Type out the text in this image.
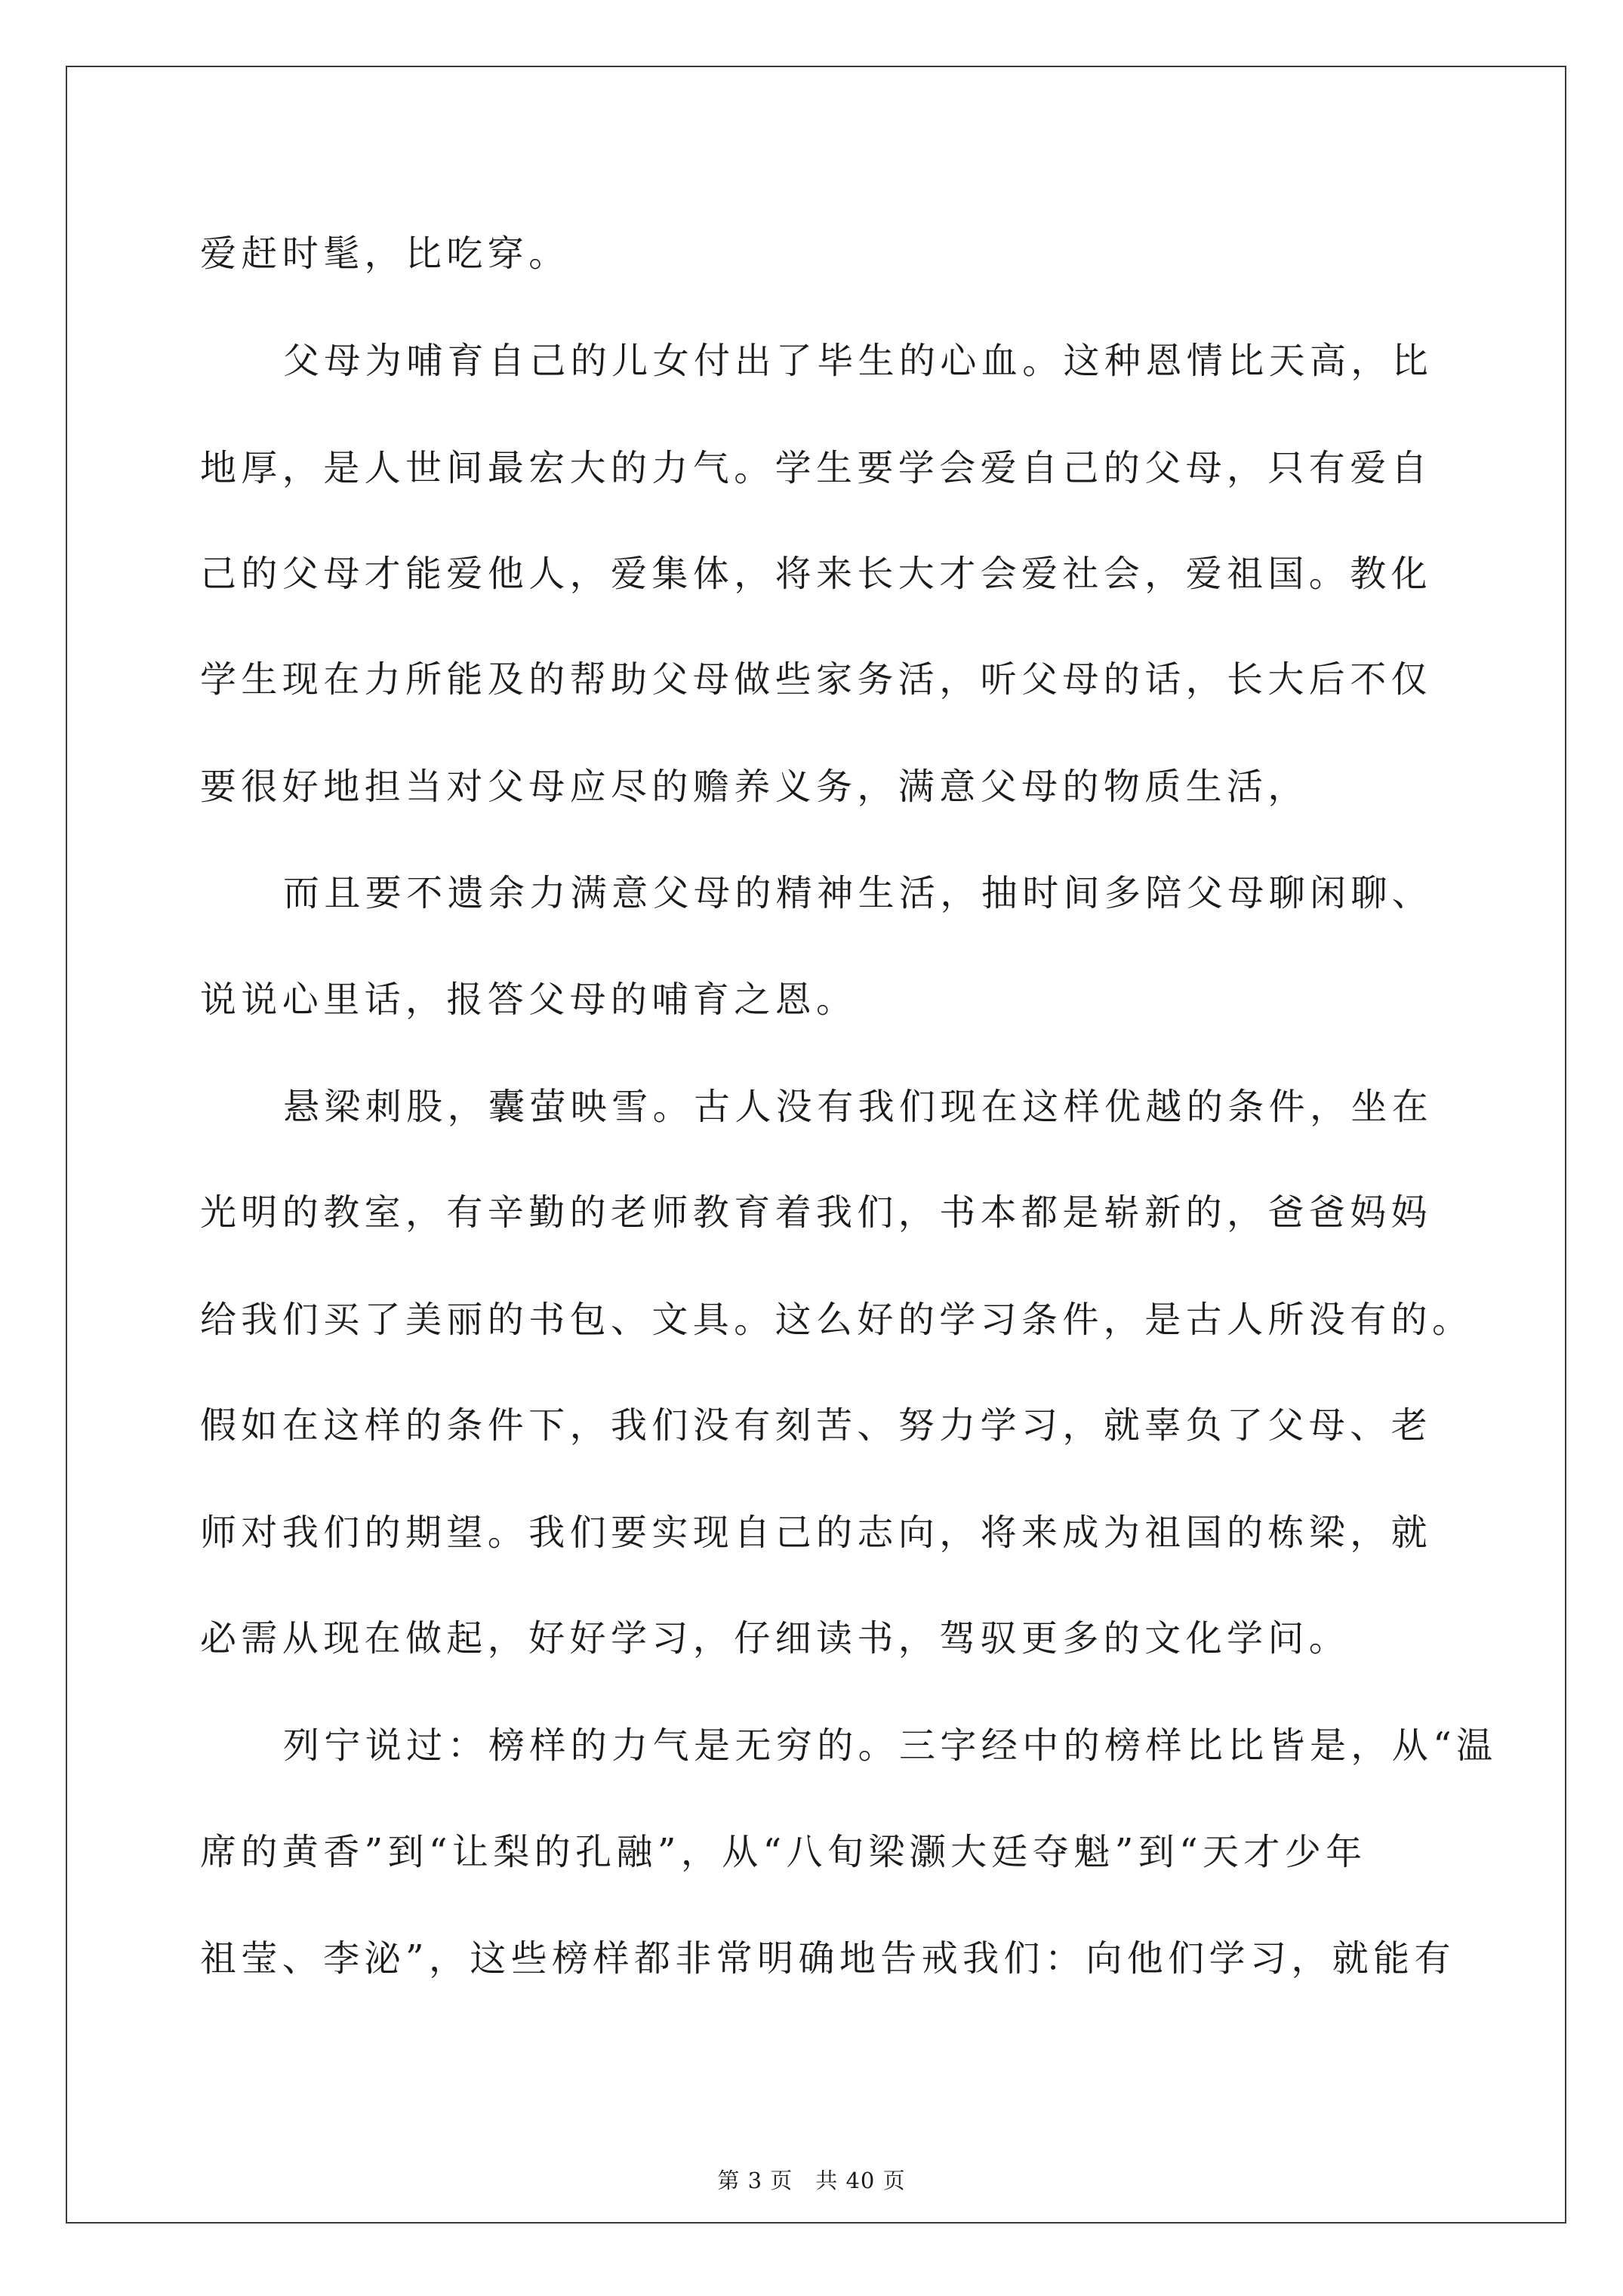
爱赶时髦，比吃穿。

父母为哺育自己的儿女付出了毕生的心血。这种恩情比天高，比

地厚，是人世间最宏大的力气。学生要学会爱自己的父母，只有爱自

己的父母才能爱他人，爱集体，将来长大才会爱社会，爱祖国。教化

学生现在力所能及的帮助父母做些家务活，听父母的话，长大后不仅

要很好地担当对父母应尽的赡养义务，满意父母的物质生活，

而且要不遗余力满意父母的精神生活，抽时间多陪父母聊闲聊、

说说心里话，报答父母的哺育之恩。

悬梁刺股，囊萤映雪。古人没有我们现在这样优越的条件，坐在

光明的教室，有辛勤的老师教育着我们，书本都是崭新的，爸爸妈妈

给我们买了美丽的书包、文具。这么好的学习条件，是古人所没有的。

假如在这样的条件下，我们没有刻苦、努力学习，就辜负了父母、老

师对我们的期望。我们要实现自己的志向，将来成为祖国的栋梁，就

必需从现在做起，好好学习，仔细读书，驾驭更多的文化学问。

列宁说过：榜样的力气是无穷的。三字经中的榜样比比皆是，从“温

席的黄香”到“让梨的孔融”，从“八旬梁灏大廷夺魁”到“天才少年

祖莹、李泌”，这些榜样都非常明确地告戒我们：向他们学习，就能有

第 3 页 共 40 页
